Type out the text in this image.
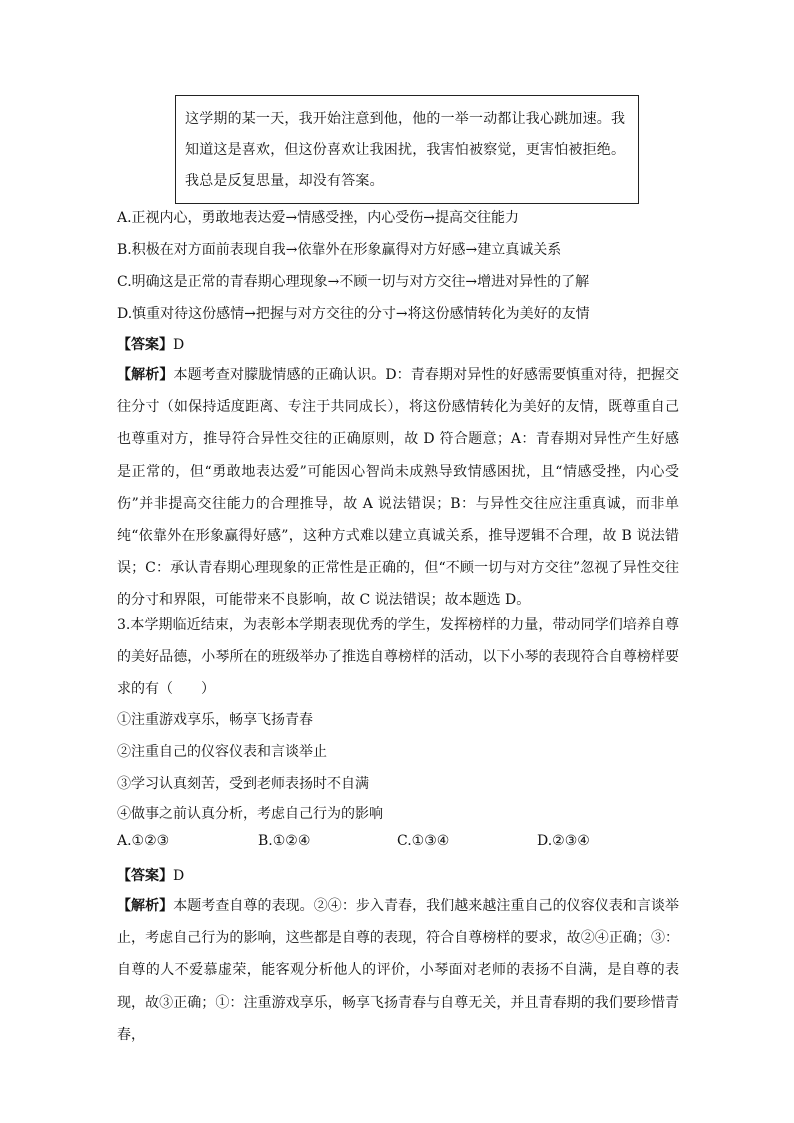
这学期的某一天，我开始注意到他，他的一举一动都让我心跳加速。我知道这是喜欢，但这份喜欢让我困扰，我害怕被察觉，更害怕被拒绝。我总是反复思量，却没有答案。
A.正视内心，勇敢地表达爱→情感受挫，内心受伤→提高交往能力
B.积极在对方面前表现自我→依靠外在形象赢得对方好感→建立真诚关系
C.明确这是正常的青春期心理现象→不顾一切与对方交往→增进对异性的了解
D.慎重对待这份感情→把握与对方交往的分寸→将这份感情转化为美好的友情
【答案】D
【解析】本题考查对朦胧情感的正确认识。D：青春期对异性的好感需要慎重对待，把握交往分寸（如保持适度距离、专注于共同成长），将这份感情转化为美好的友情，既尊重自己也尊重对方，推导符合异性交往的正确原则，故 D 符合题意；A：青春期对异性产生好感是正常的，但“勇敢地表达爱”可能因心智尚未成熟导致情感困扰，且“情感受挫，内心受伤”并非提高交往能力的合理推导，故 A 说法错误；B：与异性交往应注重真诚，而非单纯“依靠外在形象赢得好感”，这种方式难以建立真诚关系，推导逻辑不合理，故 B 说法错误；C：承认青春期心理现象的正常性是正确的，但“不顾一切与对方交往”忽视了异性交往的分寸和界限，可能带来不良影响，故 C 说法错误；故本题选 D。
3.本学期临近结束，为表彰本学期表现优秀的学生，发挥榜样的力量，带动同学们培养自尊的美好品德，小琴所在的班级举办了推选自尊榜样的活动，以下小琴的表现符合自尊榜样要求的有（　　）
①注重游戏享乐，畅享飞扬青春
②注重自己的仪容仪表和言谈举止
③学习认真刻苦，受到老师表扬时不自满
④做事之前认真分析，考虑自己行为的影响
A.①②③	B.①②④	C.①③④	D.②③④
【答案】D
【解析】本题考查自尊的表现。②④：步入青春，我们越来越注重自己的仪容仪表和言谈举止，考虑自己行为的影响，这些都是自尊的表现，符合自尊榜样的要求，故②④正确；③：自尊的人不爱慕虚荣，能客观分析他人的评价，小琴面对老师的表扬不自满，是自尊的表现，故③正确；①：注重游戏享乐，畅享飞扬青春与自尊无关，并且青春期的我们要珍惜青春，
